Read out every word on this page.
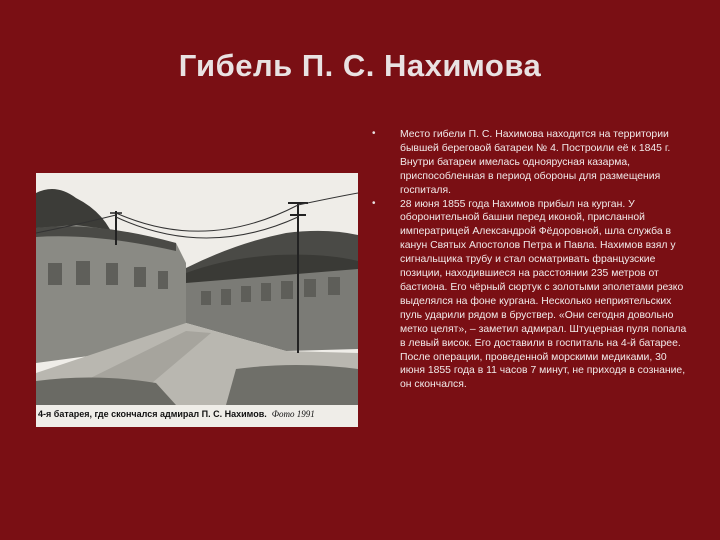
Гибель П. С. Нахимова
4-я батарея, где скончался адмирал П. С. Нахимов. Фото 1991
• Место гибели П. С. Нахимова находится на территории бывшей береговой батареи № 4. Построили её к 1845 г. Внутри батареи имелась одноярусная казарма, приспособленная в период обороны для размещения госпиталя.
• 28 июня 1855 года Нахимов прибыл на курган. У оборонительной башни перед иконой, присланной императрицей Александрой Фёдоровной, шла служба в канун Святых Апостолов Петра и Павла. Нахимов взял у сигнальщика трубу и стал осматривать французские позиции, находившиеся на расстоянии 235 метров от бастиона. Его чёрный сюртук с золотыми эполетами резко выделялся на фоне кургана. Несколько неприятельских пуль ударили рядом в бруствер. «Они сегодня довольно метко целят», – заметил адмирал. Штуцерная пуля попала в левый висок. Его доставили в госпиталь на 4-й батарее. После операции, проведенной морскими медиками, 30 июня 1855 года в 11 часов 7 минут, не приходя в сознание, он скончался.
